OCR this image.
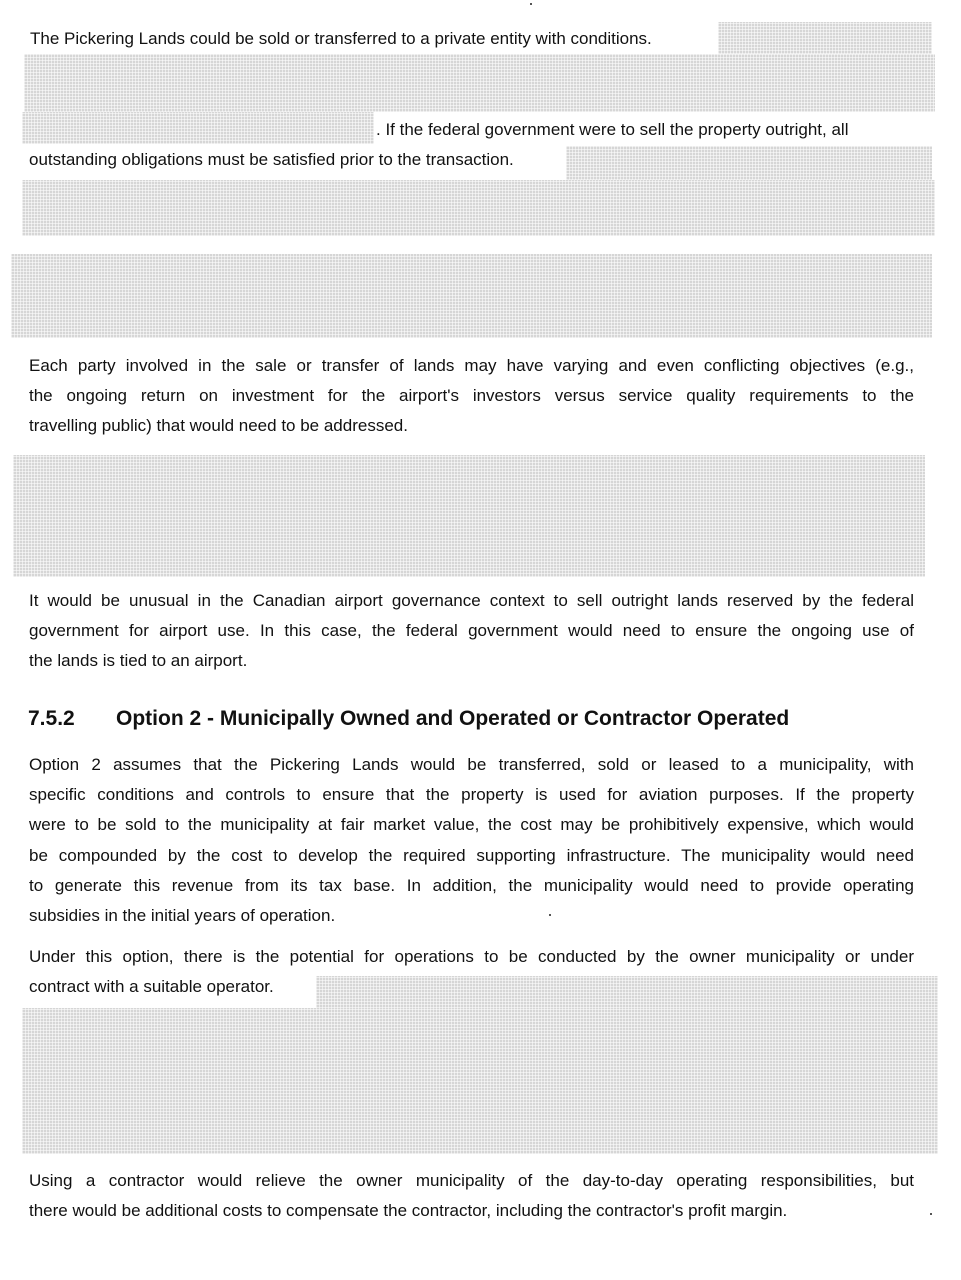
The Pickering Lands could be sold or transferred to a private entity with conditions.
. If the federal government were to sell the property outright, all
outstanding obligations must be satisfied prior to the transaction.
Each party involved in the sale or transfer of lands may have varying and even conflicting objectives (e.g.,
the ongoing return on investment for the airport's investors versus service quality requirements to the
travelling public) that would need to be addressed.
It would be unusual in the Canadian airport governance context to sell outright lands reserved by the federal
government for airport use. In this case, the federal government would need to ensure the ongoing use of
the lands is tied to an airport.
7.5.2 Option 2 - Municipally Owned and Operated or Contractor Operated
Option 2 assumes that the Pickering Lands would be transferred, sold or leased to a municipality, with
specific conditions and controls to ensure that the property is used for aviation purposes. If the property
were to be sold to the municipality at fair market value, the cost may be prohibitively expensive, which would
be compounded by the cost to develop the required supporting infrastructure. The municipality would need
to generate this revenue from its tax base. In addition, the municipality would need to provide operating
subsidies in the initial years of operation.
Under this option, there is the potential for operations to be conducted by the owner municipality or under
contract with a suitable operator.
Using a contractor would relieve the owner municipality of the day-to-day operating responsibilities, but
there would be additional costs to compensate the contractor, including the contractor's profit margin.
